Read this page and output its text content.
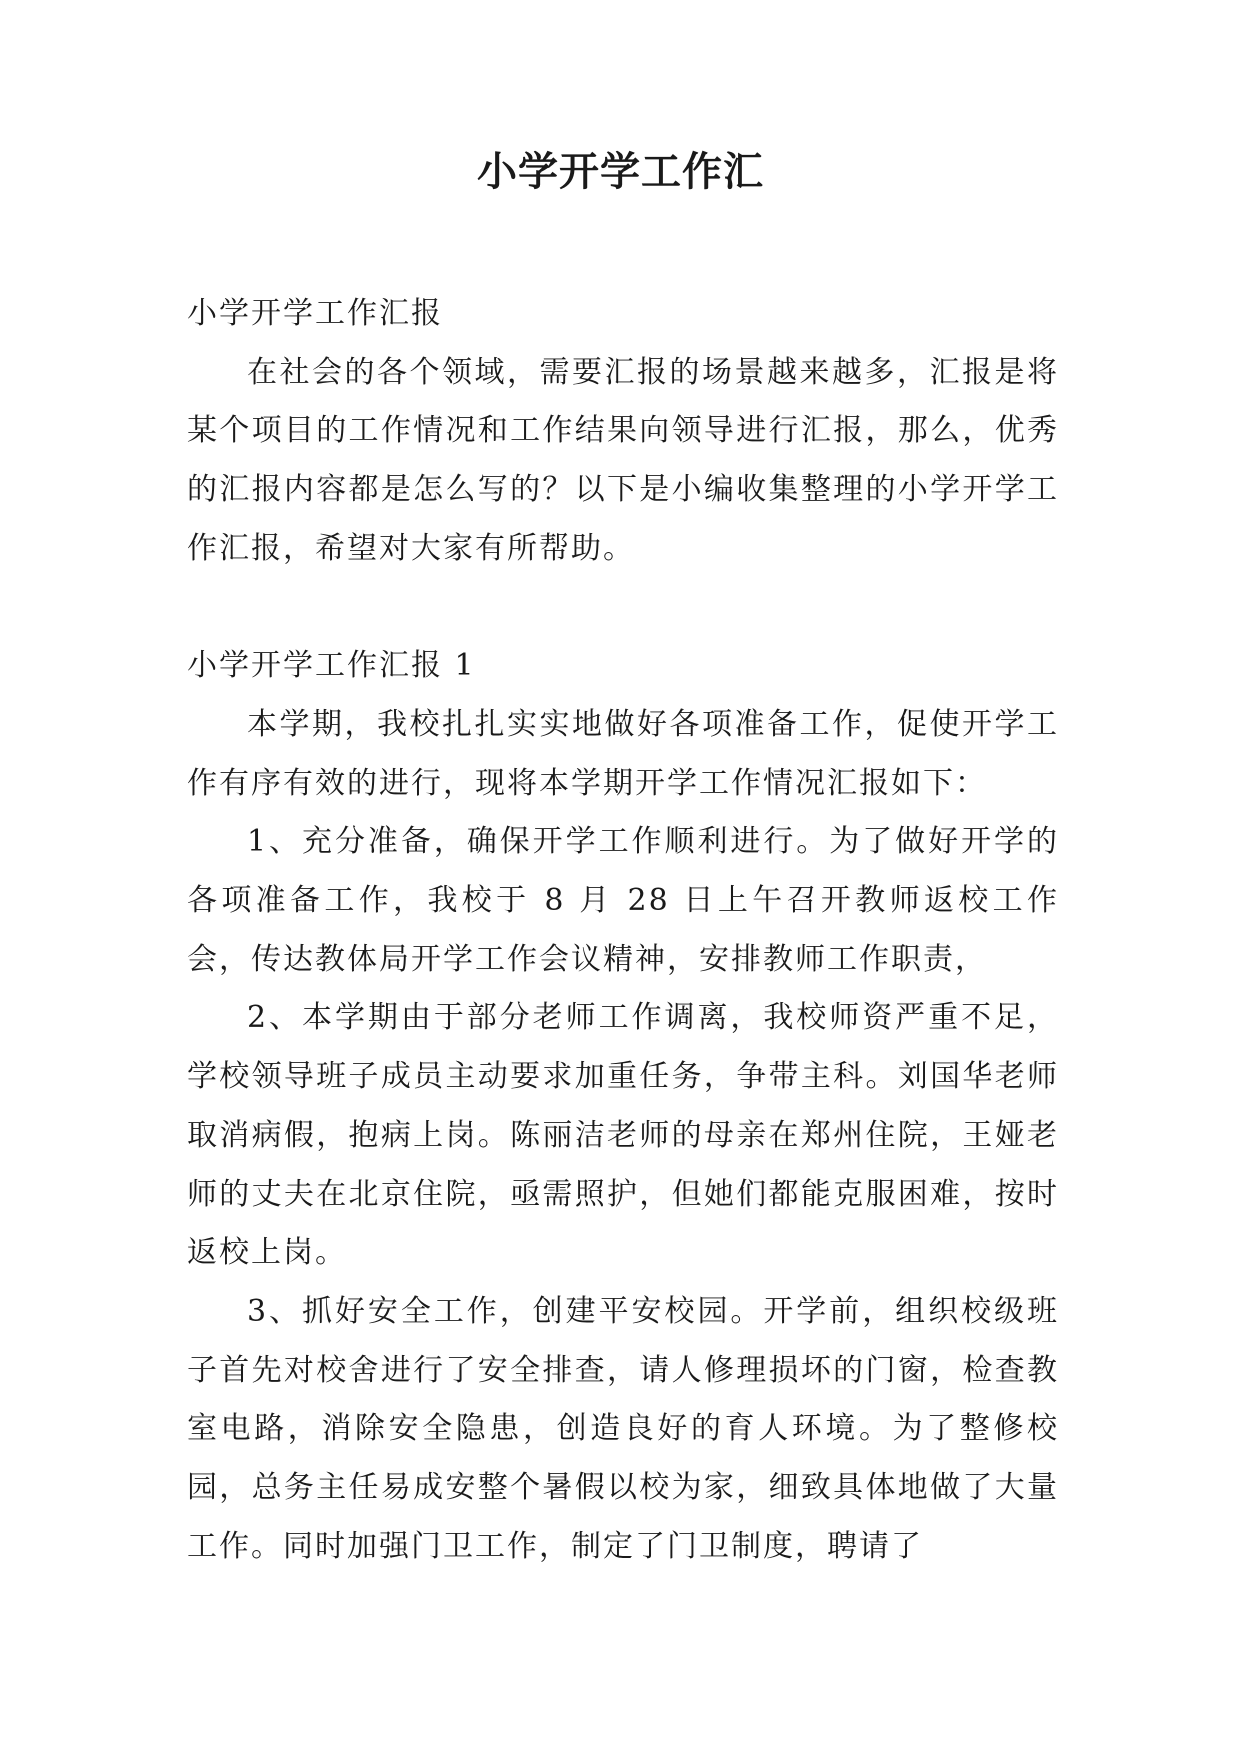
小学开学工作汇

小学开学工作汇报

在社会的各个领域，需要汇报的场景越来越多，汇报是将某个项目的工作情况和工作结果向领导进行汇报，那么，优秀的汇报内容都是怎么写的？以下是小编收集整理的小学开学工作汇报，希望对大家有所帮助。

小学开学工作汇报 1

本学期，我校扎扎实实地做好各项准备工作，促使开学工作有序有效的进行，现将本学期开学工作情况汇报如下：

1、充分准备，确保开学工作顺利进行。为了做好开学的各项准备工作，我校于 8 月 28 日上午召开教师返校工作会，传达教体局开学工作会议精神，安排教师工作职责，

2、本学期由于部分老师工作调离，我校师资严重不足，学校领导班子成员主动要求加重任务，争带主科。刘国华老师取消病假，抱病上岗。陈丽洁老师的母亲在郑州住院，王娅老师的丈夫在北京住院，亟需照护，但她们都能克服困难，按时返校上岗。

3、抓好安全工作，创建平安校园。开学前，组织校级班子首先对校舍进行了安全排查，请人修理损坏的门窗，检查教室电路，消除安全隐患，创造良好的育人环境。为了整修校园，总务主任易成安整个暑假以校为家，细致具体地做了大量工作。同时加强门卫工作，制定了门卫制度，聘请了
